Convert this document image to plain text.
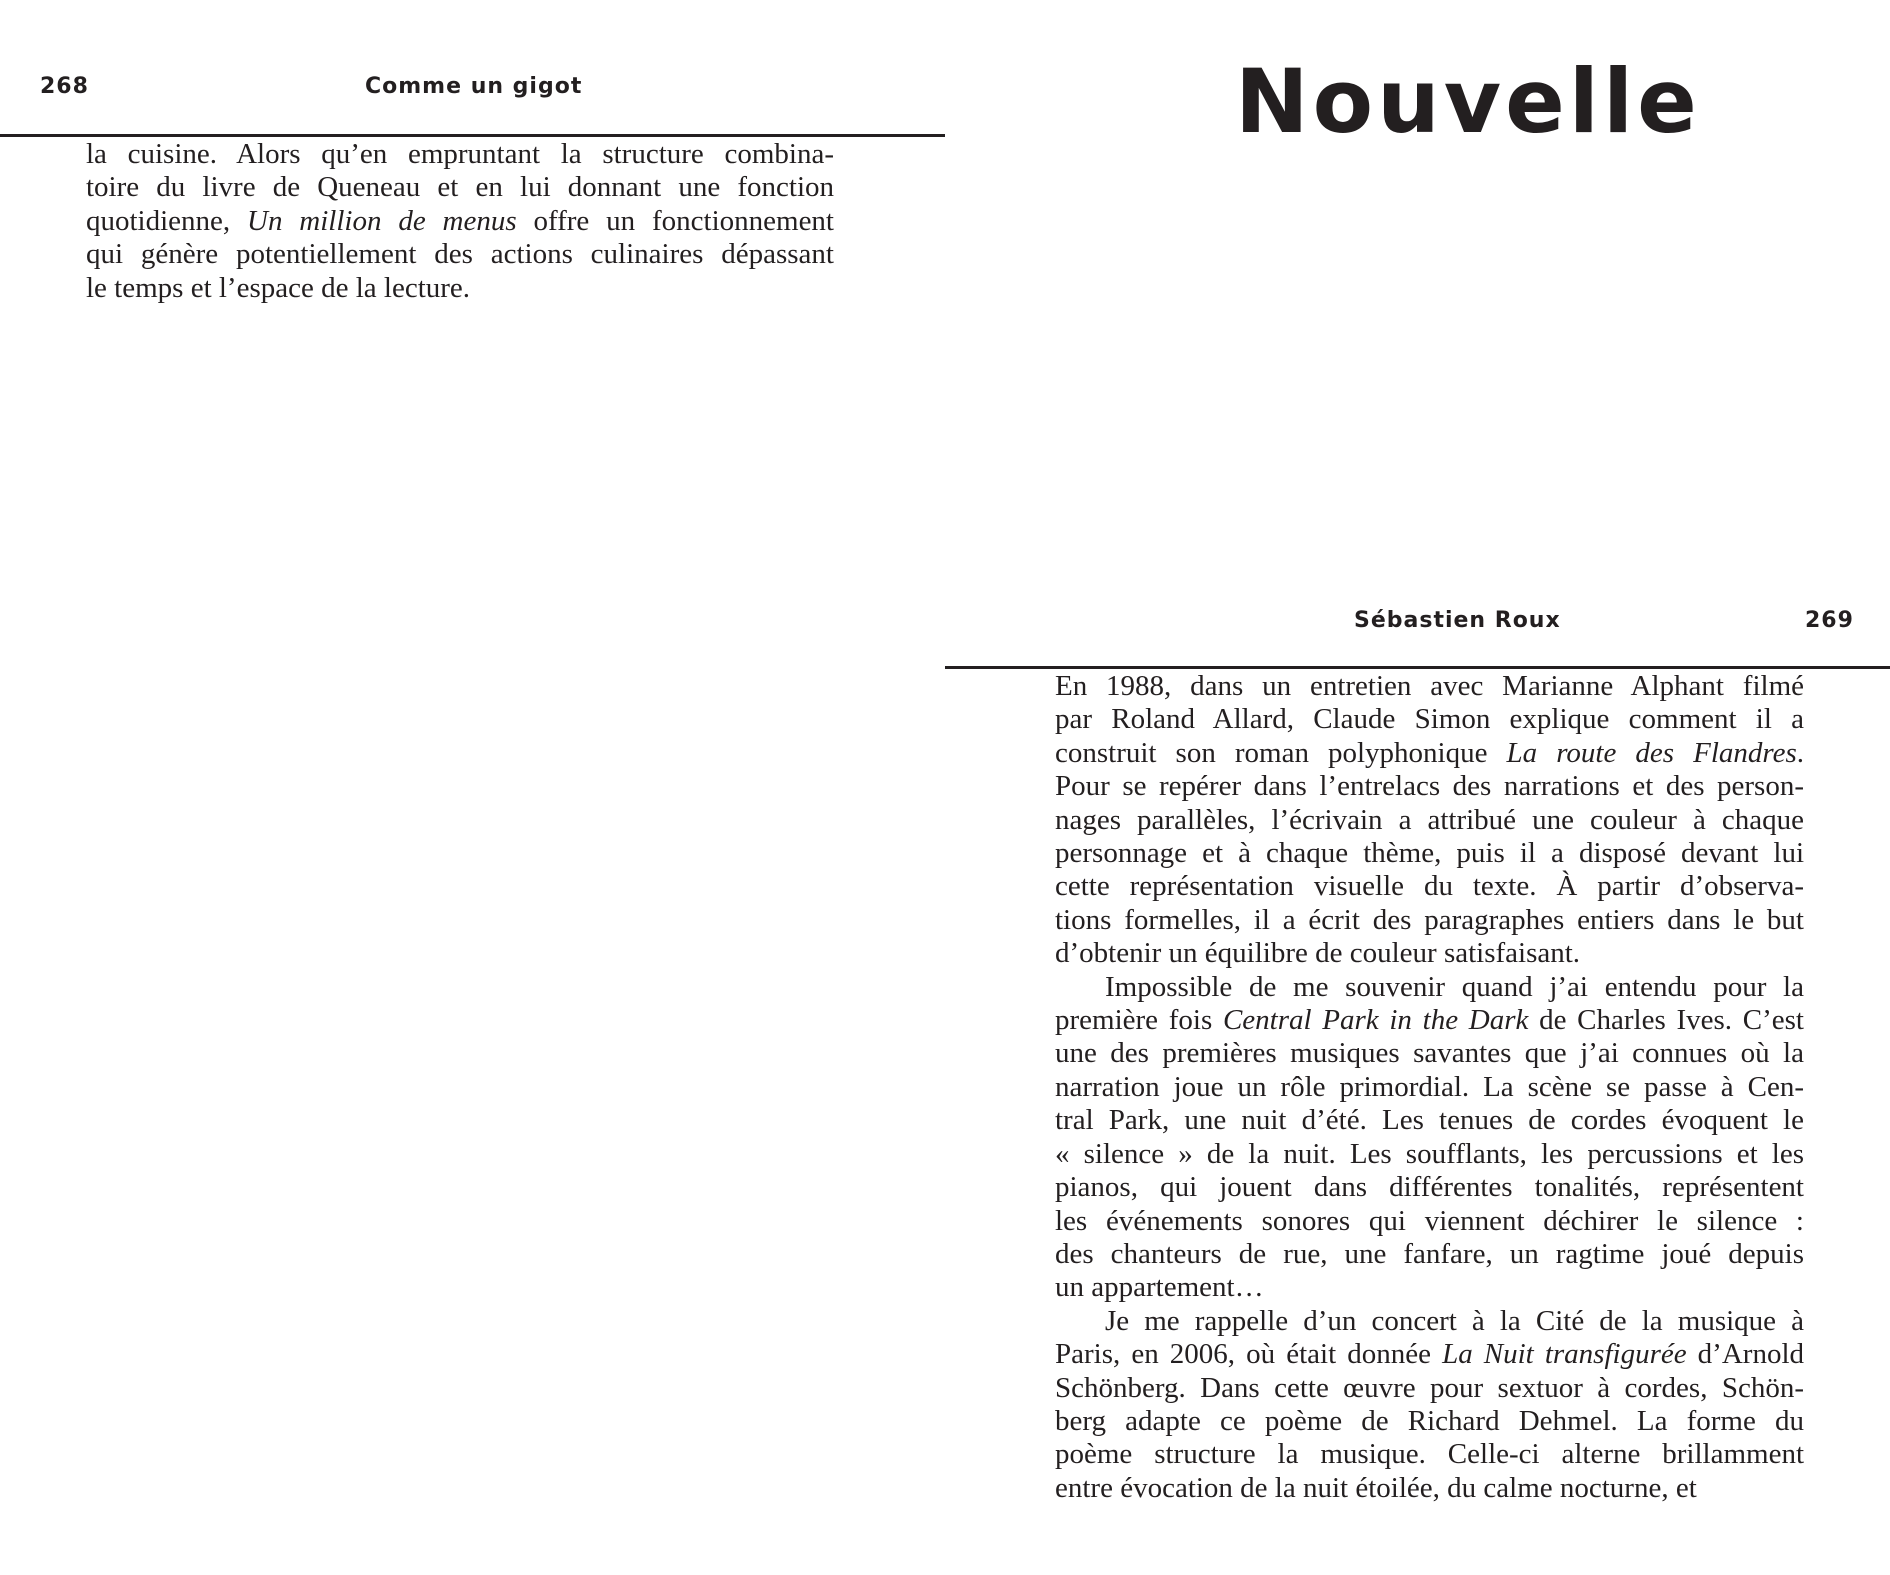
268	Comme un gigot

la cuisine. Alors qu’en empruntant la structure combina-
toire du livre de Queneau et en lui donnant une fonction
quotidienne, Un million de menus offre un fonctionnement
qui génère potentiellement des actions culinaires dépassant
le temps et l’espace de la lecture.

Nouvelle
Sébastien Roux	269

En 1988, dans un entretien avec Marianne Alphant filmé
par Roland Allard, Claude Simon explique comment il a
construit son roman polyphonique La route des Flandres.
Pour se repérer dans l’entrelacs des narrations et des person-
nages parallèles, l’écrivain a attribué une couleur à chaque
personnage et à chaque thème, puis il a disposé devant lui
cette représentation visuelle du texte. À partir d’observa-
tions formelles, il a écrit des paragraphes entiers dans le but
d’obtenir un équilibre de couleur satisfaisant.

Impossible de me souvenir quand j’ai entendu pour la
première fois Central Park in the Dark de Charles Ives. C’est
une des premières musiques savantes que j’ai connues où la
narration joue un rôle primordial. La scène se passe à Cen-
tral Park, une nuit d’été. Les tenues de cordes évoquent le
« silence » de la nuit. Les soufflants, les percussions et les
pianos, qui jouent dans différentes tonalités, représentent
les événements sonores qui viennent déchirer le silence :
des chanteurs de rue, une fanfare, un ragtime joué depuis
un appartement…

Je me rappelle d’un concert à la Cité de la musique à
Paris, en 2006, où était donnée La Nuit transfigurée d’Arnold
Schönberg. Dans cette œuvre pour sextuor à cordes, Schön-
berg adapte ce poème de Richard Dehmel. La forme du
poème structure la musique. Celle-ci alterne brillamment
entre évocation de la nuit étoilée, du calme nocturne, et
